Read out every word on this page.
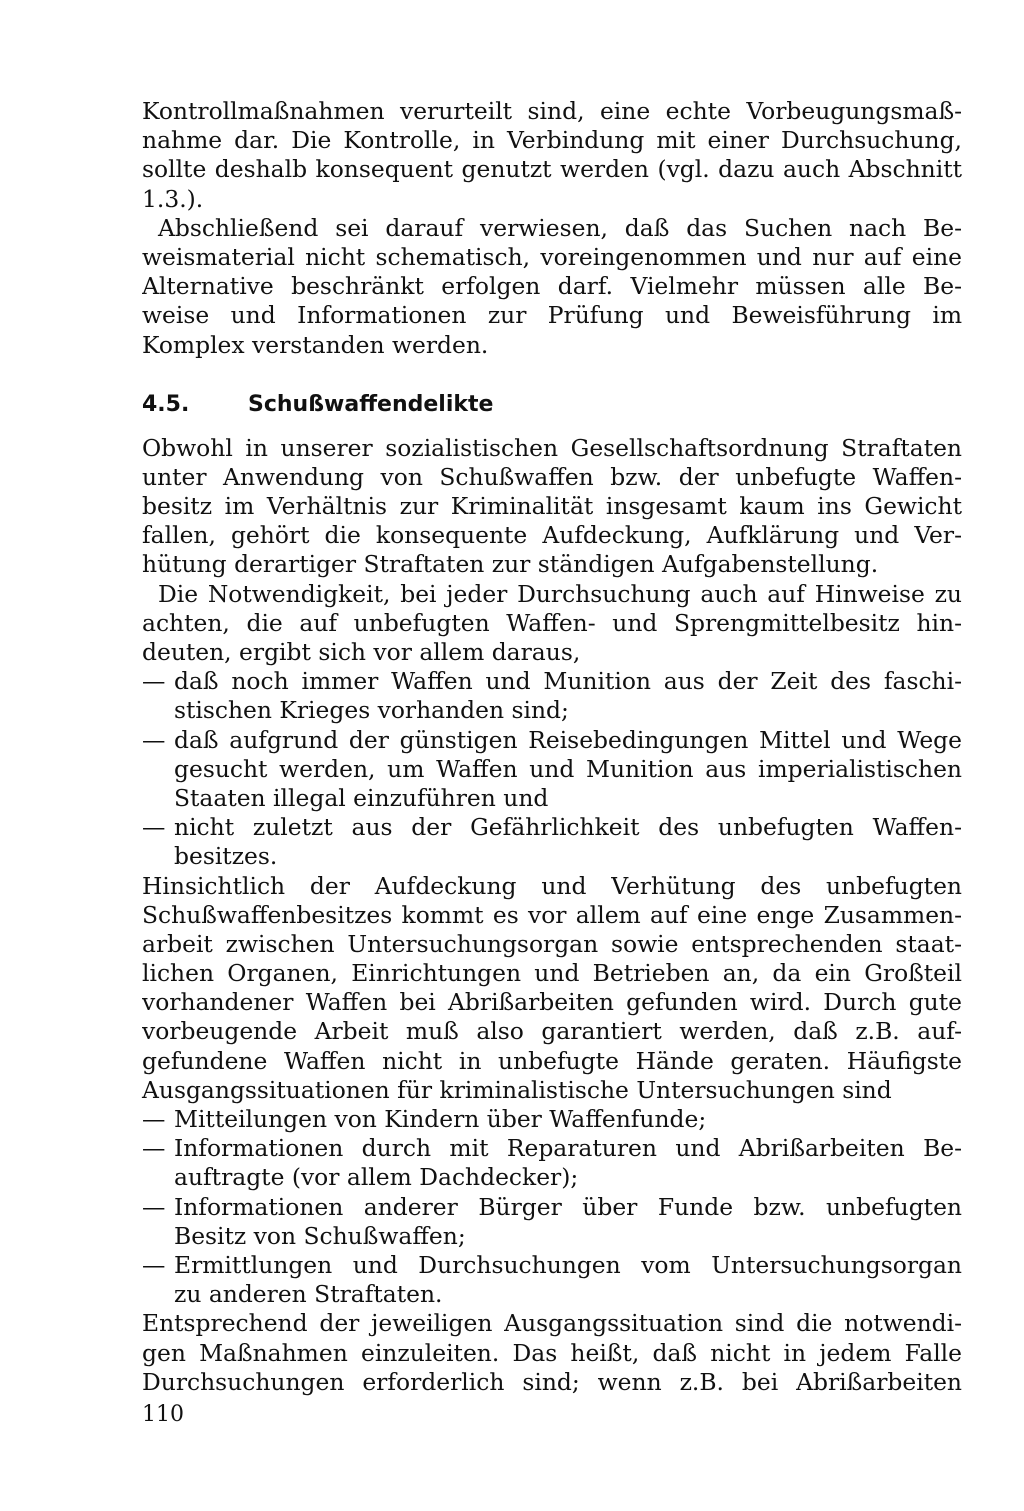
Kontrollmaßnahmen verurteilt sind, eine echte Vorbeugungsmaß-
nahme dar. Die Kontrolle, in Verbindung mit einer Durchsuchung,
sollte deshalb konsequent genutzt werden (vgl. dazu auch Abschnitt
1.3.).
Abschließend sei darauf verwiesen, daß das Suchen nach Be-
weismaterial nicht schematisch, voreingenommen und nur auf eine
Alternative beschränkt erfolgen darf. Vielmehr müssen alle Be-
weise und Informationen zur Prüfung und Beweisführung im
Komplex verstanden werden.
4.5.	Schußwaffendelikte
Obwohl in unserer sozialistischen Gesellschaftsordnung Straftaten
unter Anwendung von Schußwaffen bzw. der unbefugte Waffen-
besitz im Verhältnis zur Kriminalität insgesamt kaum ins Gewicht
fallen, gehört die konsequente Aufdeckung, Aufklärung und Ver-
hütung derartiger Straftaten zur ständigen Aufgabenstellung.
Die Notwendigkeit, bei jeder Durchsuchung auch auf Hinweise zu
achten, die auf unbefugten Waffen- und Sprengmittelbesitz hin-
deuten, ergibt sich vor allem daraus,
— daß noch immer Waffen und Munition aus der Zeit des faschi-
stischen Krieges vorhanden sind;
— daß aufgrund der günstigen Reisebedingungen Mittel und Wege
gesucht werden, um Waffen und Munition aus imperialistischen
Staaten illegal einzuführen und
— nicht zuletzt aus der Gefährlichkeit des unbefugten Waffen-
besitzes.
Hinsichtlich der Aufdeckung und Verhütung des unbefugten
Schußwaffenbesitzes kommt es vor allem auf eine enge Zusammen-
arbeit zwischen Untersuchungsorgan sowie entsprechenden staat-
lichen Organen, Einrichtungen und Betrieben an, da ein Großteil
vorhandener Waffen bei Abrißarbeiten gefunden wird. Durch gute
vorbeugende Arbeit muß also garantiert werden, daß z.B. auf-
gefundene Waffen nicht in unbefugte Hände geraten. Häufigste
Ausgangssituationen für kriminalistische Untersuchungen sind
— Mitteilungen von Kindern über Waffenfunde;
— Informationen durch mit Reparaturen und Abrißarbeiten Be-
auftragte (vor allem Dachdecker);
— Informationen anderer Bürger über Funde bzw. unbefugten
Besitz von Schußwaffen;
— Ermittlungen und Durchsuchungen vom Untersuchungsorgan
zu anderen Straftaten.
Entsprechend der jeweiligen Ausgangssituation sind die notwendi-
gen Maßnahmen einzuleiten. Das heißt, daß nicht in jedem Falle
Durchsuchungen erforderlich sind; wenn z.B. bei Abrißarbeiten
110
